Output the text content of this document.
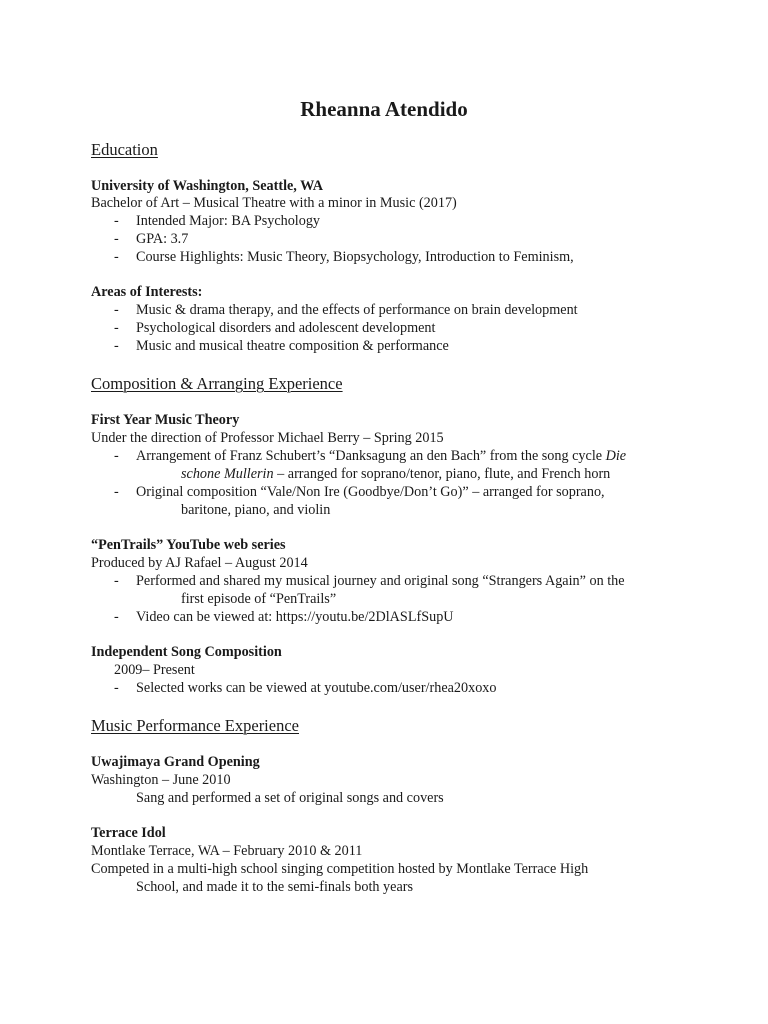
Rheanna Atendido
Education
University of Washington, Seattle, WA
Bachelor of Art – Musical Theatre with a minor in Music (2017)
- Intended Major: BA Psychology
- GPA: 3.7
- Course Highlights: Music Theory, Biopsychology, Introduction to Feminism,
Areas of Interests:
- Music & drama therapy, and the effects of performance on brain development
- Psychological disorders and adolescent development
- Music and musical theatre composition & performance
Composition & Arranging Experience
First Year Music Theory
Under the direction of Professor Michael Berry – Spring 2015
- Arrangement of Franz Schubert’s “Danksagung an den Bach” from the song cycle Die
schone Mullerin – arranged for soprano/tenor, piano, flute, and French horn
- Original composition “Vale/Non Ire (Goodbye/Don’t Go)” – arranged for soprano,
baritone, piano, and violin
“PenTrails” YouTube web series
Produced by AJ Rafael – August 2014
- Performed and shared my musical journey and original song “Strangers Again” on the
first episode of “PenTrails”
- Video can be viewed at: https://youtu.be/2DlASLfSupU
Independent Song Composition
2009– Present
- Selected works can be viewed at youtube.com/user/rhea20xoxo
Music Performance Experience
Uwajimaya Grand Opening
Washington – June 2010
Sang and performed a set of original songs and covers
Terrace Idol
Montlake Terrace, WA – February 2010 & 2011
Competed in a multi-high school singing competition hosted by Montlake Terrace High
School, and made it to the semi-finals both years
